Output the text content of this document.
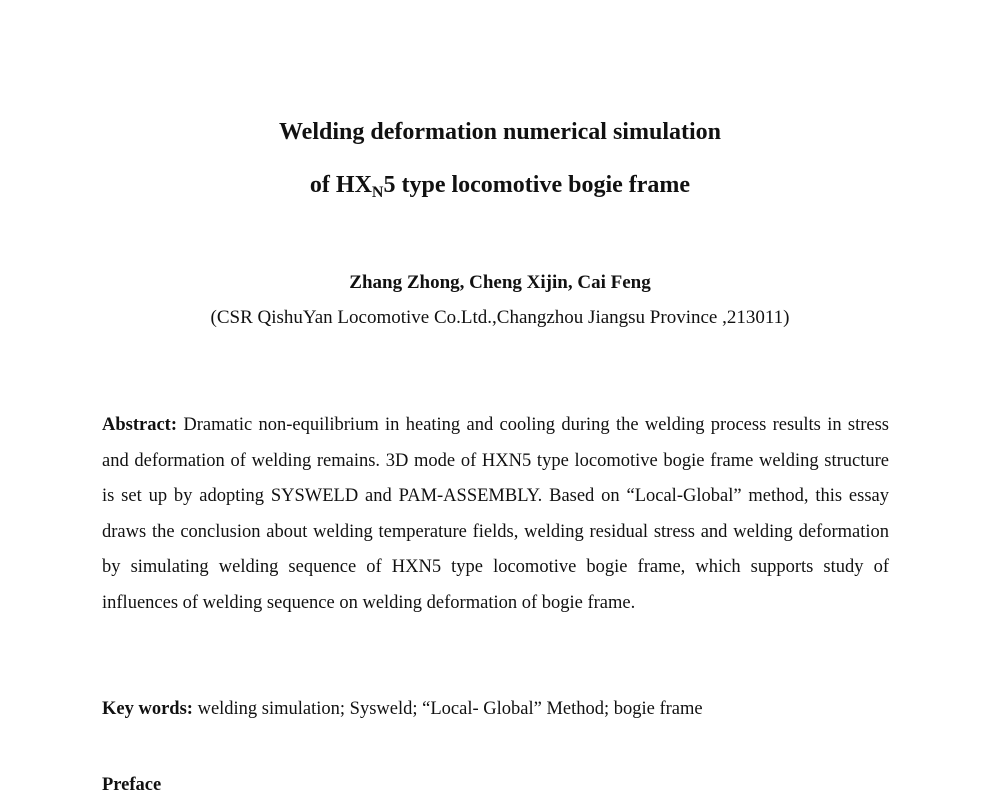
Welding deformation numerical simulation

of $HX_N5$ type locomotive bogie frame

Zhang Zhong, Cheng Xijin, Cai Feng

(CSR QishuYan Locomotive Co.Ltd.,Changzhou Jiangsu Province ,213011)

Abstract: Dramatic non-equilibrium in heating and cooling during the welding process results in stress and deformation of welding remains. 3D mode of HXN5 type locomotive bogie frame welding structure is set up by adopting SYSWELD and PAM-ASSEMBLY. Based on “Local-Global” method, this essay draws the conclusion about welding temperature fields, welding residual stress and welding deformation by simulating welding sequence of HXN5 type locomotive bogie frame, which supports study of influences of welding sequence on welding deformation of bogie frame.

Key words: welding simulation; Sysweld; “Local- Global” Method; bogie frame

Preface
